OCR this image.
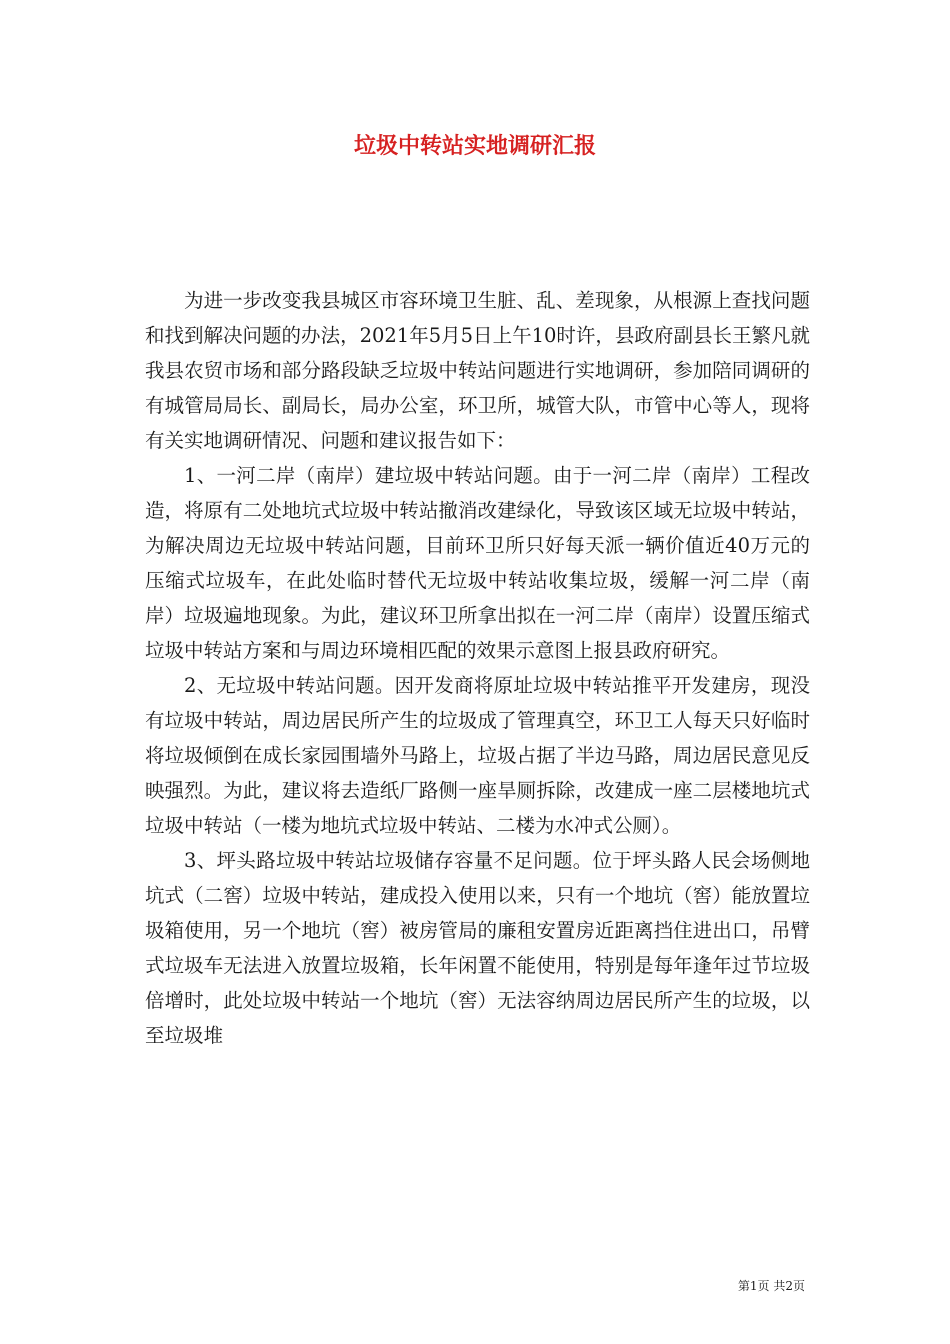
垃圾中转站实地调研汇报

为进一步改变我县城区市容环境卫生脏、乱、差现象，从根源上查找问题和找到解决问题的办法，2021年5月5日上午10时许，县政府副县长王繁凡就我县农贸市场和部分路段缺乏垃圾中转站问题进行实地调研，参加陪同调研的有城管局局长、副局长，局办公室，环卫所，城管大队，市管中心等人，现将有关实地调研情况、问题和建议报告如下：

1、一河二岸（南岸）建垃圾中转站问题。由于一河二岸（南岸）工程改造，将原有二处地坑式垃圾中转站撤消改建绿化，导致该区域无垃圾中转站，为解决周边无垃圾中转站问题，目前环卫所只好每天派一辆价值近40万元的压缩式垃圾车，在此处临时替代无垃圾中转站收集垃圾，缓解一河二岸（南岸）垃圾遍地现象。为此，建议环卫所拿出拟在一河二岸（南岸）设置压缩式垃圾中转站方案和与周边环境相匹配的效果示意图上报县政府研究。

2、无垃圾中转站问题。因开发商将原址垃圾中转站推平开发建房，现没有垃圾中转站，周边居民所产生的垃圾成了管理真空，环卫工人每天只好临时将垃圾倾倒在成长家园围墙外马路上，垃圾占据了半边马路，周边居民意见反映强烈。为此，建议将去造纸厂路侧一座旱厕拆除，改建成一座二层楼地坑式垃圾中转站（一楼为地坑式垃圾中转站、二楼为水冲式公厕）。

3、坪头路垃圾中转站垃圾储存容量不足问题。位于坪头路人民会场侧地坑式（二窖）垃圾中转站，建成投入使用以来，只有一个地坑（窖）能放置垃圾箱使用，另一个地坑（窖）被房管局的廉租安置房近距离挡住进出口，吊臂式垃圾车无法进入放置垃圾箱，长年闲置不能使用，特别是每年逢年过节垃圾倍增时，此处垃圾中转站一个地坑（窖）无法容纳周边居民所产生的垃圾，以至垃圾堆

第1页 共2页
